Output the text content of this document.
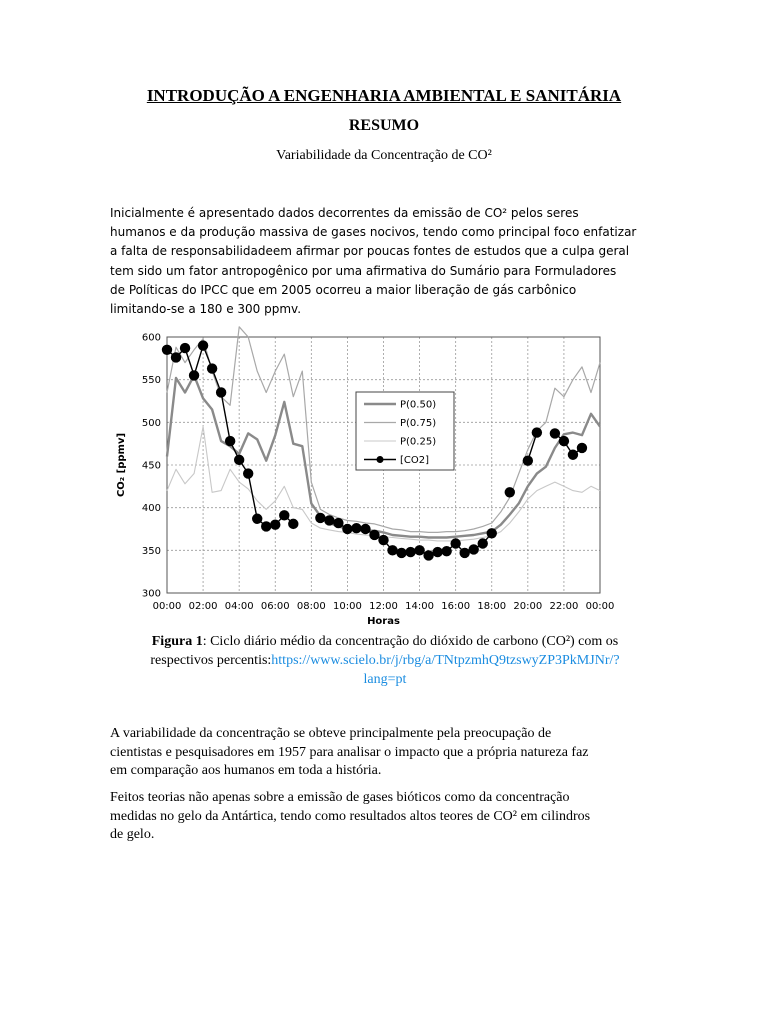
INTRODUÇÃO A ENGENHARIA AMBIENTAL E SANITÁRIA
RESUMO

Variabilidade da Concentração de CO²

Inicialmente é apresentado dados decorrentes da emissão de CO² pelos seres
humanos e da produção massiva de gases nocivos, tendo como principal foco enfatizar
a falta de responsabilidadeem afirmar por poucas fontes de estudos que a culpa geral
tem sido um fator antropogênico por uma afirmativa do Sumário para Formuladores
de Políticas do IPCC que em 2005 ocorreu a maior liberação de gás carbônico
limitando-se a 180 e 300 ppmv.

300
350
400
450
500
550
600
00:00 02:00 04:00 06:00 08:00 10:00 12:00 14:00 16:00 18:00 20:00 22:00 00:00
Horas
CO₂ [ppmv]
P(0.50)
P(0.75)
P(0.25)
[CO2]

Figura 1: Ciclo diário médio da concentração do dióxido de carbono (CO²) com os
respectivos percentis:https://www.scielo.br/j/rbg/a/TNtpzmhQ9tzswyZP3PkMJNr/?
lang=pt

A variabilidade da concentração se obteve principalmente pela preocupação de
cientistas e pesquisadores em 1957 para analisar o impacto que a própria natureza faz
em comparação aos humanos em toda a história.

Feitos teorias não apenas sobre a emissão de gases bióticos como da concentração
medidas no gelo da Antártica, tendo como resultados altos teores de CO² em cilindros
de gelo.
